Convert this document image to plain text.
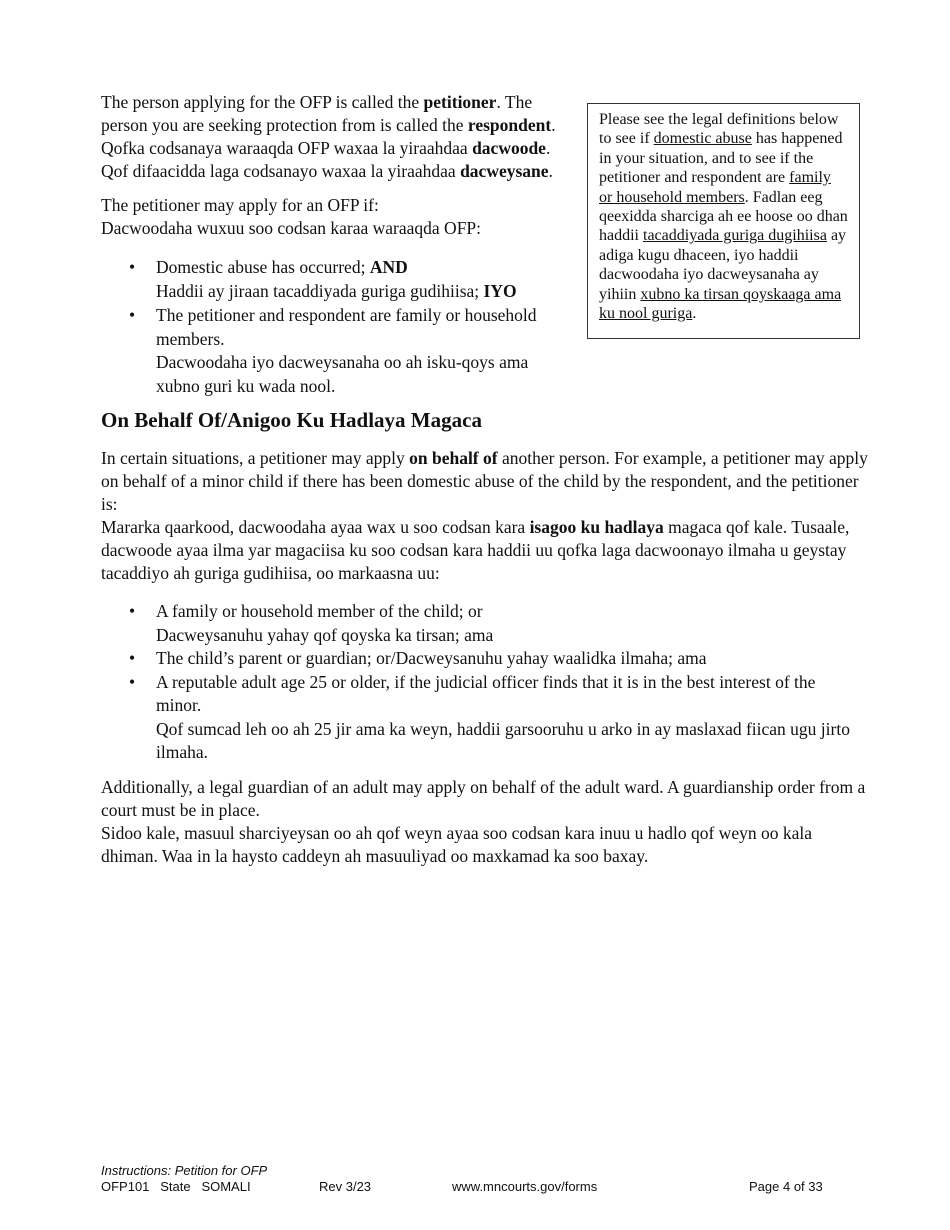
The person applying for the OFP is called the petitioner. The person you are seeking protection from is called the respondent.
Qofka codsanaya waraaqda OFP waxaa la yiraahdaa dacwoode.
Qof difaacidda laga codsanayo waxaa la yiraahdaa dacweysane.

The petitioner may apply for an OFP if:
Dacwoodaha wuxuu soo codsan karaa waraaqda OFP:

• Domestic abuse has occurred; AND
Haddii ay jiraan tacaddiyada guriga gudihiisa; IYO
• The petitioner and respondent are family or household members.
Dacwoodaha iyo dacweysanaha oo ah isku-qoys ama xubno guri ku wada nool.
Please see the legal definitions below to see if domestic abuse has happened in your situation, and to see if the petitioner and respondent are family or household members. Fadlan eeg qeexidda sharciga ah ee hoose oo dhan haddii tacaddiyada guriga dugihiisa ay adiga kugu dhaceen, iyo haddii dacwoodaha iyo dacweysanaha ay yihiin xubno ka tirsan qoyskaaga ama ku nool guriga.
On Behalf Of/Anigoo Ku Hadlaya Magaca
In certain situations, a petitioner may apply on behalf of another person. For example, a petitioner may apply on behalf of a minor child if there has been domestic abuse of the child by the respondent, and the petitioner is:
Mararka qaarkood, dacwoodaha ayaa wax u soo codsan kara isagoo ku hadlaya magaca qof kale. Tusaale, dacwoode ayaa ilma yar magaciisa ku soo codsan kara haddii uu qofka laga dacwoonayo ilmaha u geystay tacaddiyo ah guriga gudihiisa, oo markaasna uu:
• A family or household member of the child; or
Dacweysanuhu yahay qof qoyska ka tirsan; ama
• The child’s parent or guardian; or/Dacweysanuhu yahay waalidka ilmaha; ama
• A reputable adult age 25 or older, if the judicial officer finds that it is in the best interest of the minor.
Qof sumcad leh oo ah 25 jir ama ka weyn, haddii garsooruhu u arko in ay maslaxad fiican ugu jirto ilmaha.
Additionally, a legal guardian of an adult may apply on behalf of the adult ward. A guardianship order from a court must be in place.
Sidoo kale, masuul sharciyeysan oo ah qof weyn ayaa soo codsan kara inuu u hadlo qof weyn oo kala dhiman. Waa in la haysto caddeyn ah masuuliyad oo maxkamad ka soo baxay.
Instructions: Petition for OFP
OFP101   State   SOMALI	Rev 3/23	www.mncourts.gov/forms	Page 4 of 33
